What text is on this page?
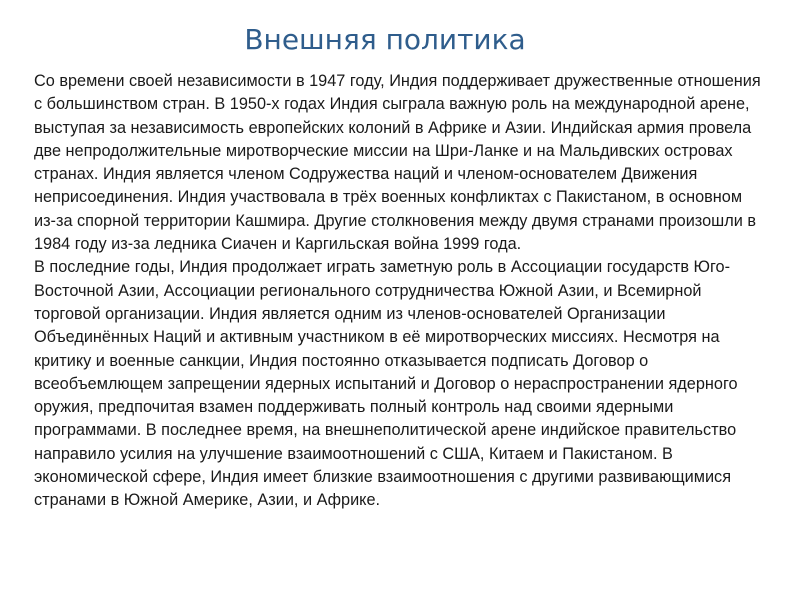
Внешняя политика

Со времени своей независимости в 1947 году, Индия поддерживает дружественные отношения с большинством стран. В 1950-х годах Индия сыграла важную роль на международной арене, выступая за независимость европейских колоний в Африке и Азии. Индийская армия провела две непродолжительные миротворческие миссии на Шри-Ланке и на Мальдивских островах странах. Индия является членом Содружества наций и членом-основателем Движения неприсоединения. Индия участвовала в трёх военных конфликтах с Пакистаном, в основном из-за спорной территории Кашмира. Другие столкновения между двумя странами произошли в 1984 году из-за ледника Сиачен и Каргильская война 1999 года.

В последние годы, Индия продолжает играть заметную роль в Ассоциации государств Юго-Восточной Азии, Ассоциации регионального сотрудничества Южной Азии, и Всемирной торговой организации. Индия является одним из членов-основателей Организации Объединённых Наций и активным участником в её миротворческих миссиях. Несмотря на критику и военные санкции, Индия постоянно отказывается подписать Договор о всеобъемлющем запрещении ядерных испытаний и Договор о нераспространении ядерного оружия, предпочитая взамен поддерживать полный контроль над своими ядерными программами. В последнее время, на внешнеполитической арене индийское правительство направило усилия на улучшение взаимоотношений с США, Китаем и Пакистаном. В экономической сфере, Индия имеет близкие взаимоотношения с другими развивающимися странами в Южной Америке, Азии, и Африке.
